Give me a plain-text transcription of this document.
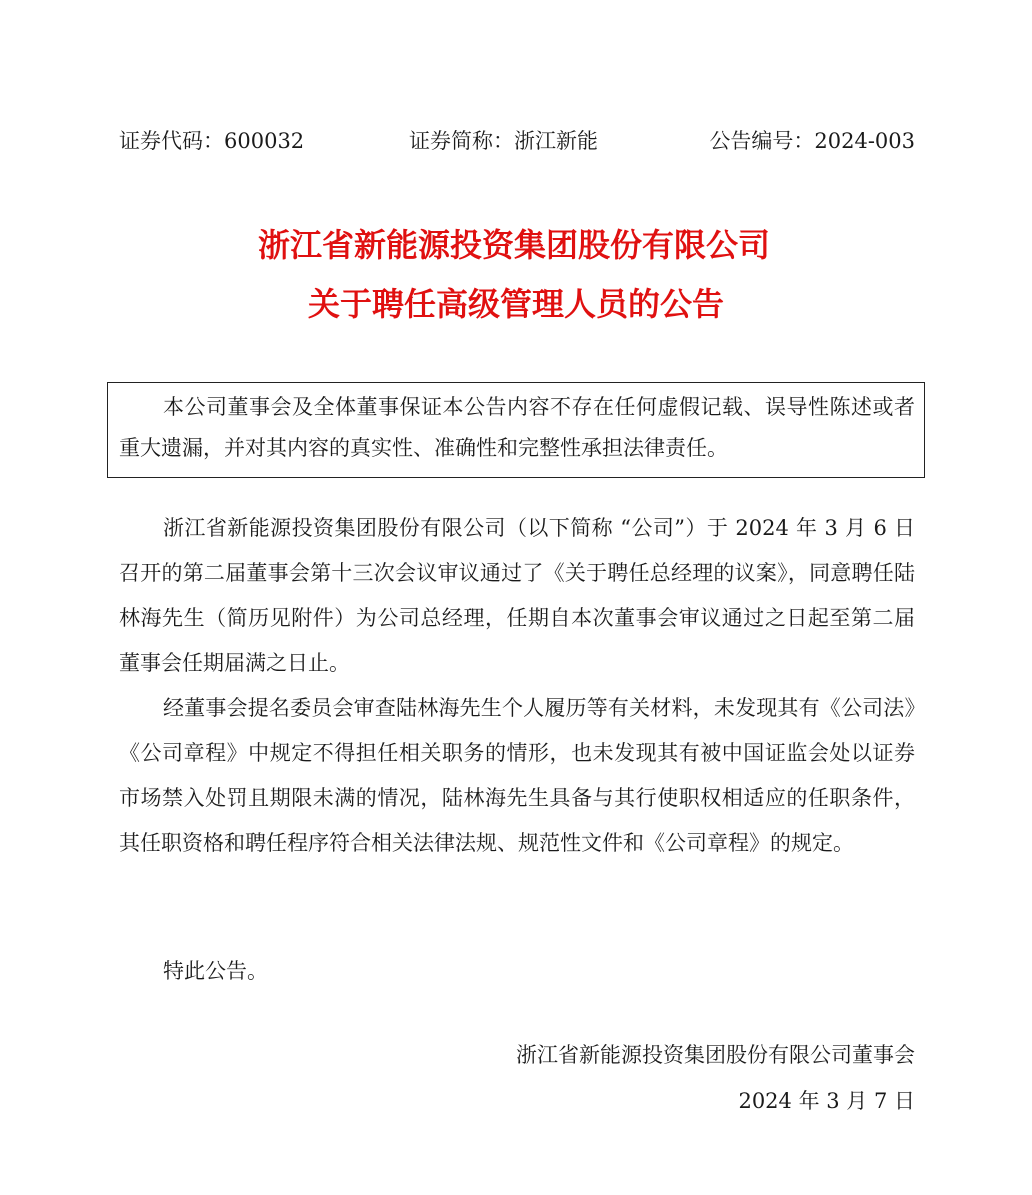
证券代码：600032	证券简称：浙江新能	公告编号：2024-003
浙江省新能源投资集团股份有限公司
关于聘任高级管理人员的公告

本公司董事会及全体董事保证本公告内容不存在任何虚假记载、误导性陈述或者重大遗漏，并对其内容的真实性、准确性和完整性承担法律责任。

浙江省新能源投资集团股份有限公司（以下简称 “公司”）于 2024 年 3 月 6 日召开的第二届董事会第十三次会议审议通过了《关于聘任总经理的议案》，同意聘任陆林海先生（简历见附件）为公司总经理，任期自本次董事会审议通过之日起至第二届董事会任期届满之日止。

经董事会提名委员会审查陆林海先生个人履历等有关材料，未发现其有《公司法》《公司章程》中规定不得担任相关职务的情形，也未发现其有被中国证监会处以证券市场禁入处罚且期限未满的情况，陆林海先生具备与其行使职权相适应的任职条件，其任职资格和聘任程序符合相关法律法规、规范性文件和《公司章程》的规定。

特此公告。

浙江省新能源投资集团股份有限公司董事会

2024 年 3 月 7 日
